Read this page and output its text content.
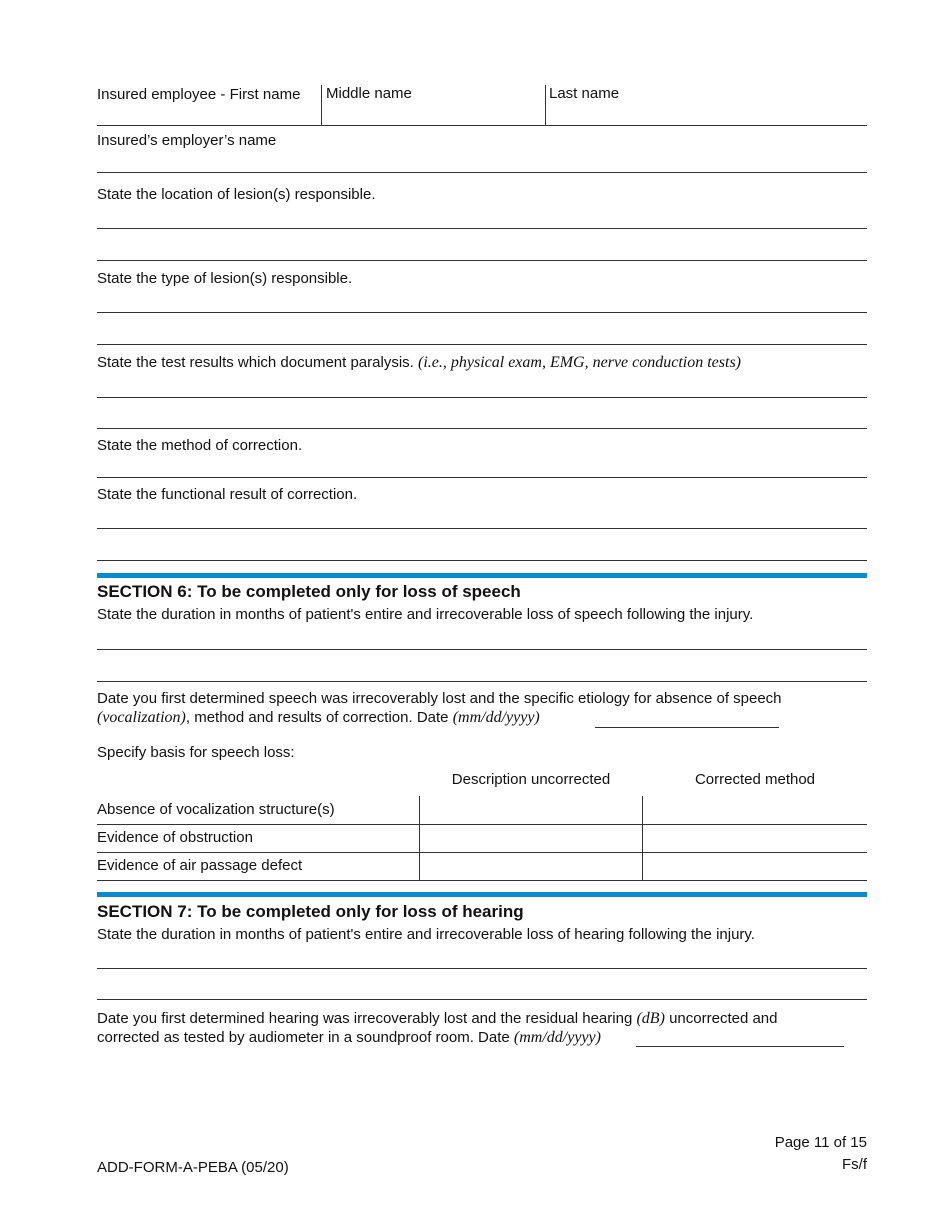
Insured employee - First name Middle name	Last name
Insured’s employer’s name
State the location of lesion(s) responsible.
State the type of lesion(s) responsible.
State the test results which document paralysis. (i.e., physical exam, EMG, nerve conduction tests)
State the method of correction.
State the functional result of correction.
SECTION 6: To be completed only for loss of speech
State the duration in months of patient's entire and irrecoverable loss of speech following the injury.
Date you first determined speech was irrecoverably lost and the specific etiology for absence of speech
(vocalization), method and results of correction. Date (mm/dd/yyyy)
Specify basis for speech loss:
Description uncorrected	Corrected method
Absence of vocalization structure(s)
Evidence of obstruction
Evidence of air passage defect
SECTION 7: To be completed only for loss of hearing
State the duration in months of patient's entire and irrecoverable loss of hearing following the injury.
Date you first determined hearing was irrecoverably lost and the residual hearing (dB) uncorrected and
corrected as tested by audiometer in a soundproof room. Date (mm/dd/yyyy)
ADD-FORM-A-PEBA (05/20)
Page 11 of 15
Fs/f
